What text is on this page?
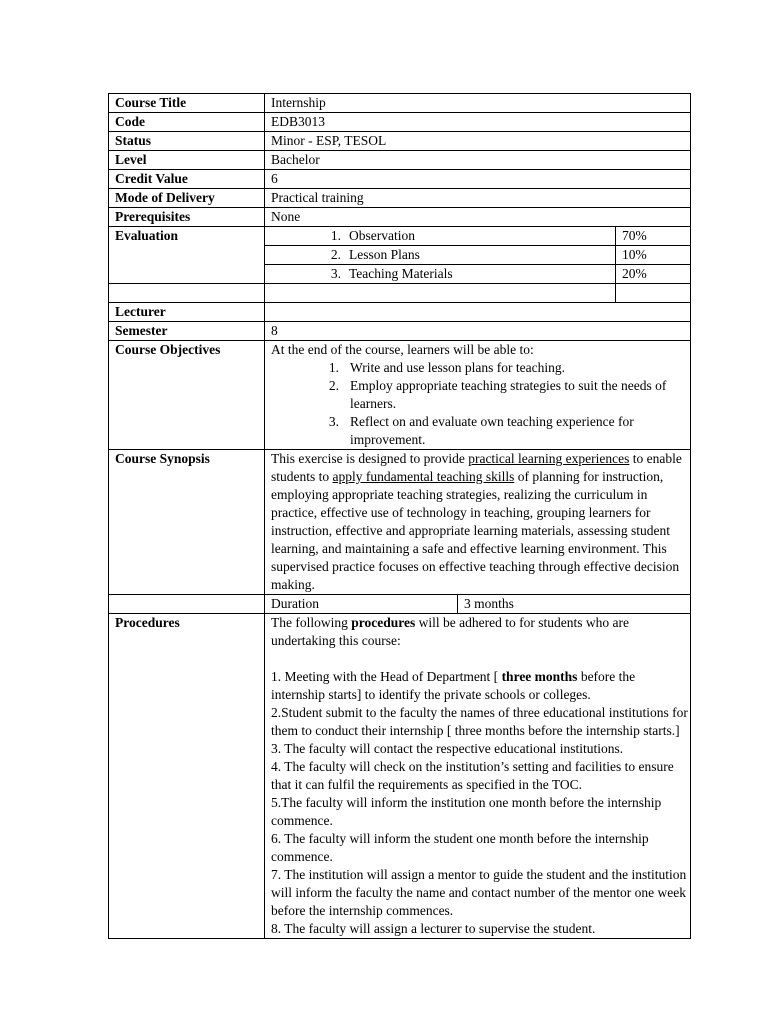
Course Title	Internship
Code	EDB3013
Status	Minor - ESP, TESOL
Level	Bachelor
Credit Value	6
Mode of Delivery	Practical training
Prerequisites	None
Evaluation		1. Observation	70%
2. Lesson Plans	10%
3. Teaching Materials	20%

Lecturer	
Semester	8
Course Objectives	At the end of the course, learners will be able to:
1. Write and use lesson plans for teaching.
2. Employ appropriate teaching strategies to suit the needs of learners.
3. Reflect on and evaluate own teaching experience for improvement.

Course Synopsis	This exercise is designed to provide practical learning experiences to enable students to apply fundamental teaching skills of planning for instruction, employing appropriate teaching strategies, realizing the curriculum in practice, effective use of technology in teaching, grouping learners for instruction, effective and appropriate learning materials, assessing student learning, and maintaining a safe and effective learning environment. This supervised practice focuses on effective teaching through effective decision making.

Duration	3 months

Procedures	The following procedures will be adhered to for students who are undertaking this course:

1. Meeting with the Head of Department [ three months before the internship starts] to identify the private schools or colleges.

2.Student submit to the faculty the names of three educational institutions for them to conduct their internship [ three months before the internship starts.]

3. The faculty will contact the respective educational institutions.

4. The faculty will check on the institution’s setting and facilities to ensure that it can fulfil the requirements as specified in the TOC.

5.The faculty will inform the institution one month before the internship commence.

6. The faculty will inform the student one month before the internship commence.

7. The institution will assign a mentor to guide the student and the institution will inform the faculty the name and contact number of the mentor one week before the internship commences.

8. The faculty will assign a lecturer to supervise the student.
